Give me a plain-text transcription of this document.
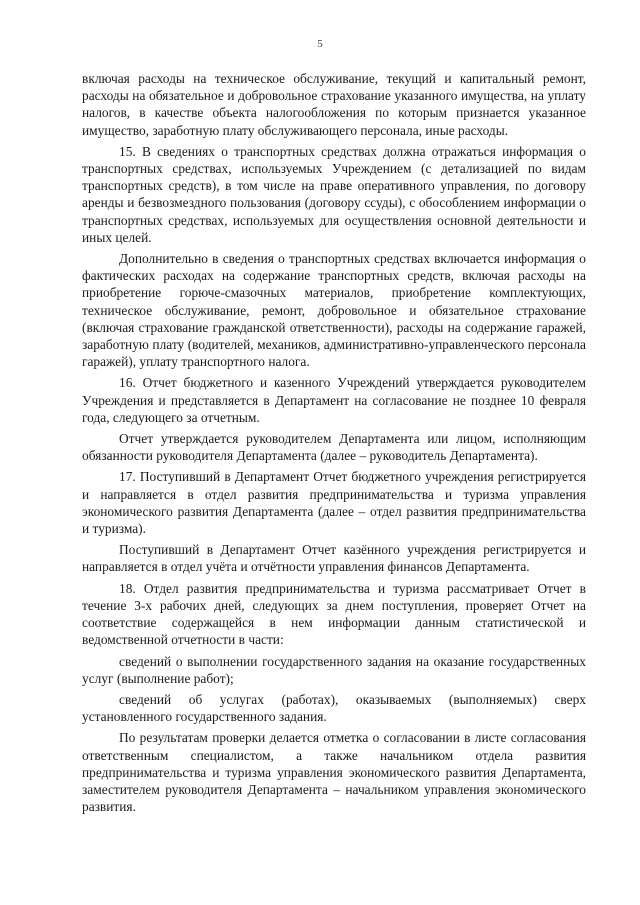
5

включая расходы на техническое обслуживание, текущий и капитальный ремонт, расходы на обязательное и добровольное страхование указанного имущества, на уплату налогов, в качестве объекта налогообложения по которым признается указанное имущество, заработную плату обслуживающего персонала, иные расходы.

15. В сведениях о транспортных средствах должна отражаться информация о транспортных средствах, используемых Учреждением (с детализацией по видам транспортных средств), в том числе на праве оперативного управления, по договору аренды и безвозмездного пользования (договору ссуды), с обособлением информации о транспортных средствах, используемых для осуществления основной деятельности и иных целей.

Дополнительно в сведения о транспортных средствах включается информация о фактических расходах на содержание транспортных средств, включая расходы на приобретение горюче-смазочных материалов, приобретение комплектующих, техническое обслуживание, ремонт, добровольное и обязательное страхование (включая страхование гражданской ответственности), расходы на содержание гаражей, заработную плату (водителей, механиков, административно-управленческого персонала гаражей), уплату транспортного налога.

16. Отчет бюджетного и казенного Учреждений утверждается руководителем Учреждения и представляется в Департамент на согласование не позднее 10 февраля года, следующего за отчетным.

Отчет утверждается руководителем Департамента или лицом, исполняющим обязанности руководителя Департамента (далее – руководитель Департамента).

17. Поступивший в Департамент Отчет бюджетного учреждения регистрируется и направляется в отдел развития предпринимательства и туризма управления экономического развития Департамента (далее – отдел развития предпринимательства и туризма).

Поступивший в Департамент Отчет казённого учреждения регистрируется и направляется в отдел учёта и отчётности управления финансов Департамента.

18. Отдел развития предпринимательства и туризма рассматривает Отчет в течение 3-х рабочих дней, следующих за днем поступления, проверяет Отчет на соответствие содержащейся в нем информации данным статистической и ведомственной отчетности в части:

сведений о выполнении государственного задания на оказание государственных услуг (выполнение работ);

сведений об услугах (работах), оказываемых (выполняемых) сверх установленного государственного задания.

По результатам проверки делается отметка о согласовании в листе согласования ответственным специалистом, а также начальником отдела развития предпринимательства и туризма управления экономического развития Департамента, заместителем руководителя Департамента – начальником управления экономического развития.
